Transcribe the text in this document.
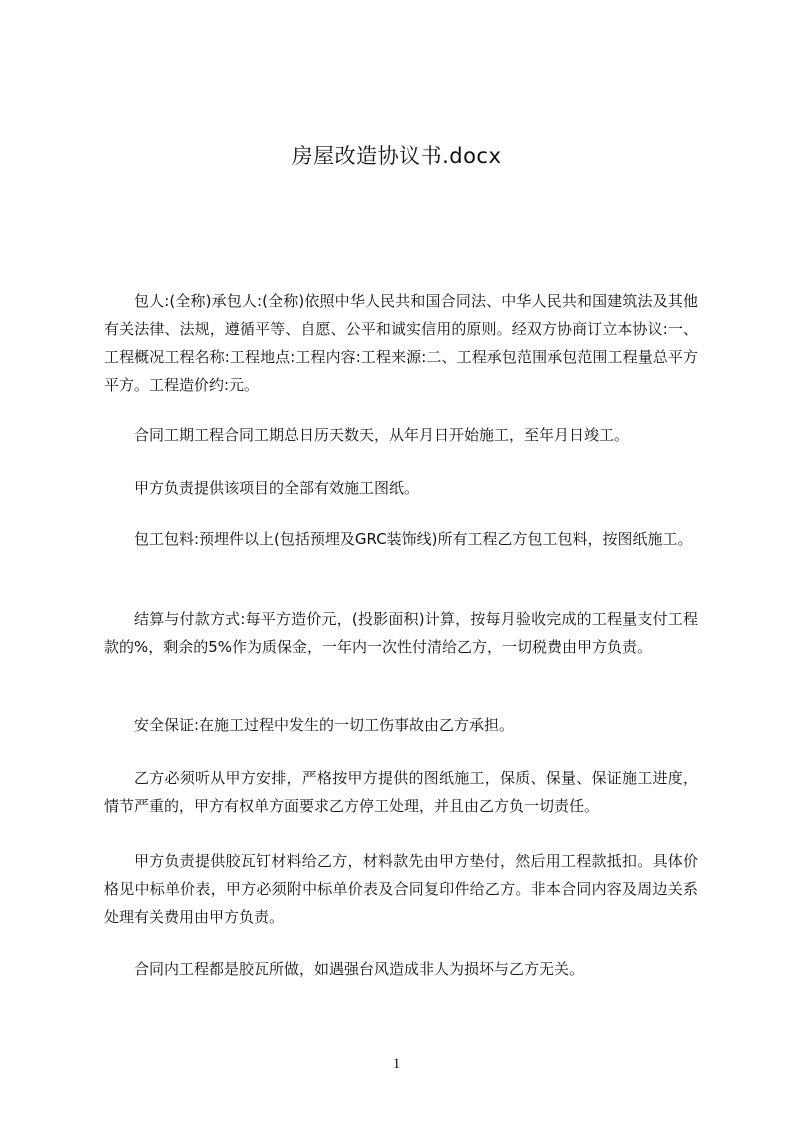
房屋改造协议书.docx

包人:(全称)承包人:(全称)依照中华人民共和国合同法、中华人民共和国建筑法及其他有关法律、法规，遵循平等、自愿、公平和诚实信用的原则。经双方协商订立本协议:一、工程概况工程名称:工程地点:工程内容:工程来源:二、工程承包范围承包范围工程量总平方平方。工程造价约:元。

合同工期工程合同工期总日历天数天，从年月日开始施工，至年月日竣工。

甲方负责提供该项目的全部有效施工图纸。

包工包料:预埋件以上(包括预埋及GRC装饰线)所有工程乙方包工包料，按图纸施工。

结算与付款方式:每平方造价元，(投影面积)计算，按每月验收完成的工程量支付工程款的%，剩余的5%作为质保金，一年内一次性付清给乙方，一切税费由甲方负责。

安全保证:在施工过程中发生的一切工伤事故由乙方承担。

乙方必须听从甲方安排，严格按甲方提供的图纸施工，保质、保量、保证施工进度，情节严重的，甲方有权单方面要求乙方停工处理，并且由乙方负一切责任。

甲方负责提供胶瓦钉材料给乙方，材料款先由甲方垫付，然后用工程款抵扣。具体价格见中标单价表，甲方必须附中标单价表及合同复印件给乙方。非本合同内容及周边关系处理有关费用由甲方负责。

合同内工程都是胶瓦所做，如遇强台风造成非人为损坏与乙方无关。

1
